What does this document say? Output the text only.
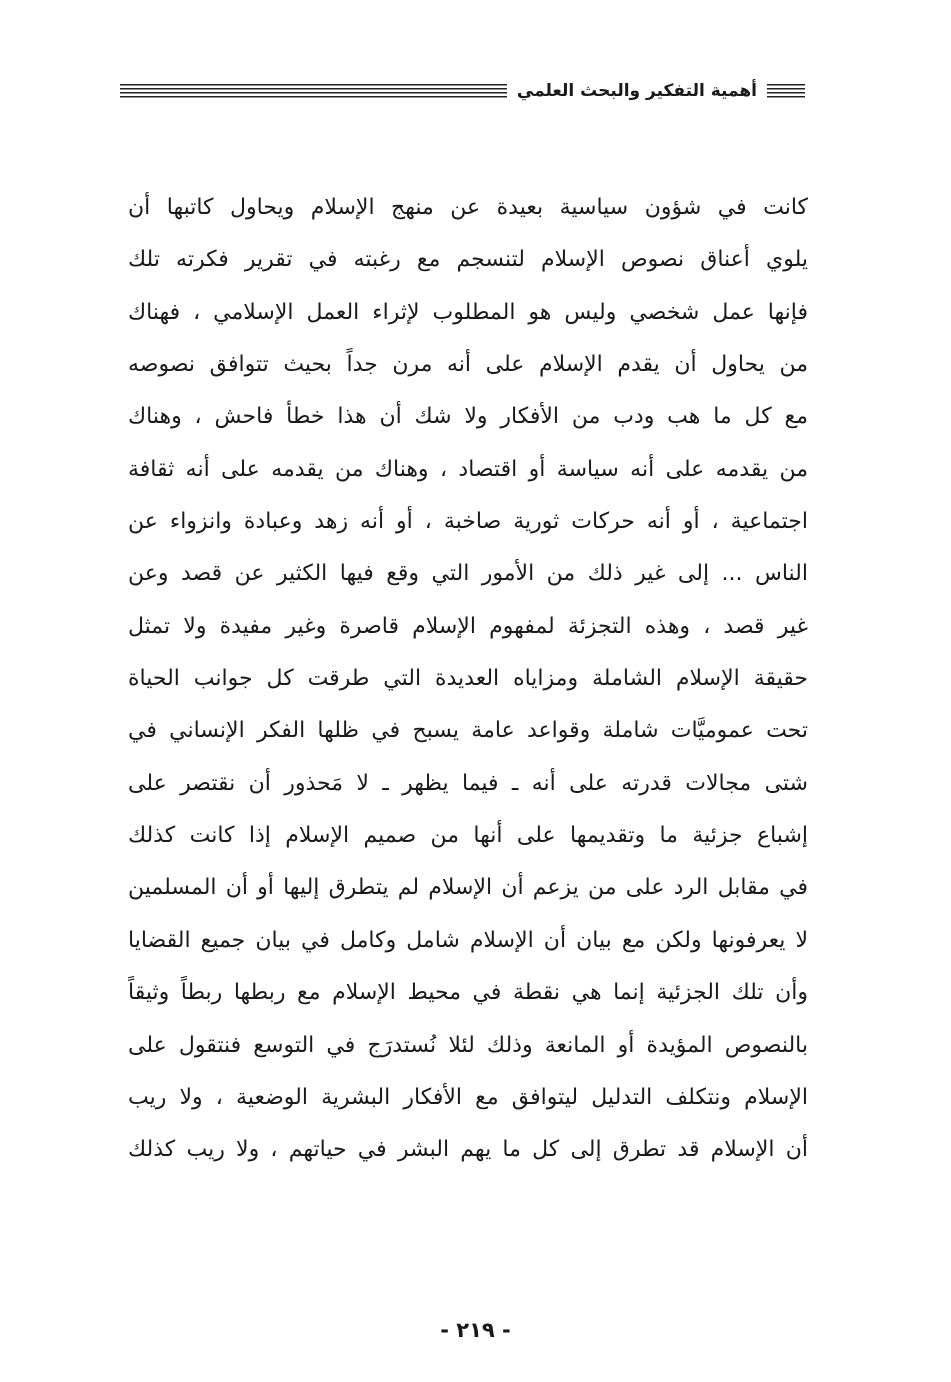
أهمية التفكير والبحث العلمي
كانت في شؤون سياسية بعيدة عن منهج الإسلام ويحاول كاتبها أن
يلوي أعناق نصوص الإسلام لتنسجم مع رغبته في تقرير فكرته تلك
فإنها عمل شخصي وليس هو المطلوب لإثراء العمل الإسلامي ، فهناك
من يحاول أن يقدم الإسلام على أنه مرن جداً بحيث تتوافق نصوصه
مع كل ما هب ودب من الأفكار ولا شك أن هذا خطأ فاحش ، وهناك
من يقدمه على أنه سياسة أو اقتصاد ، وهناك من يقدمه على أنه ثقافة
اجتماعية ، أو أنه حركات ثورية صاخبة ، أو أنه زهد وعبادة وانزواء عن
الناس ... إلى غير ذلك من الأمور التي وقع فيها الكثير عن قصد وعن
غير قصد ، وهذه التجزئة لمفهوم الإسلام قاصرة وغير مفيدة ولا تمثل
حقيقة الإسلام الشاملة ومزاياه العديدة التي طرقت كل جوانب الحياة
تحت عموميَّات شاملة وقواعد عامة يسبح في ظلها الفكر الإنساني في
شتى مجالات قدرته على أنه ـ فيما يظهر ـ لا مَحذور أن نقتصر على
إشباع جزئية ما وتقديمها على أنها من صميم الإسلام إذا كانت كذلك
في مقابل الرد على من يزعم أن الإسلام لم يتطرق إليها أو أن المسلمين
لا يعرفونها ولكن مع بيان أن الإسلام شامل وكامل في بيان جميع القضايا
وأن تلك الجزئية إنما هي نقطة في محيط الإسلام مع ربطها ربطاً وثيقاً
بالنصوص المؤيدة أو المانعة وذلك لئلا نُستدرَج في التوسع فنتقول على
الإسلام ونتكلف التدليل ليتوافق مع الأفكار البشرية الوضعية ، ولا ريب
أن الإسلام قد تطرق إلى كل ما يهم البشر في حياتهم ، ولا ريب كذلك
- ٢١٩ -
